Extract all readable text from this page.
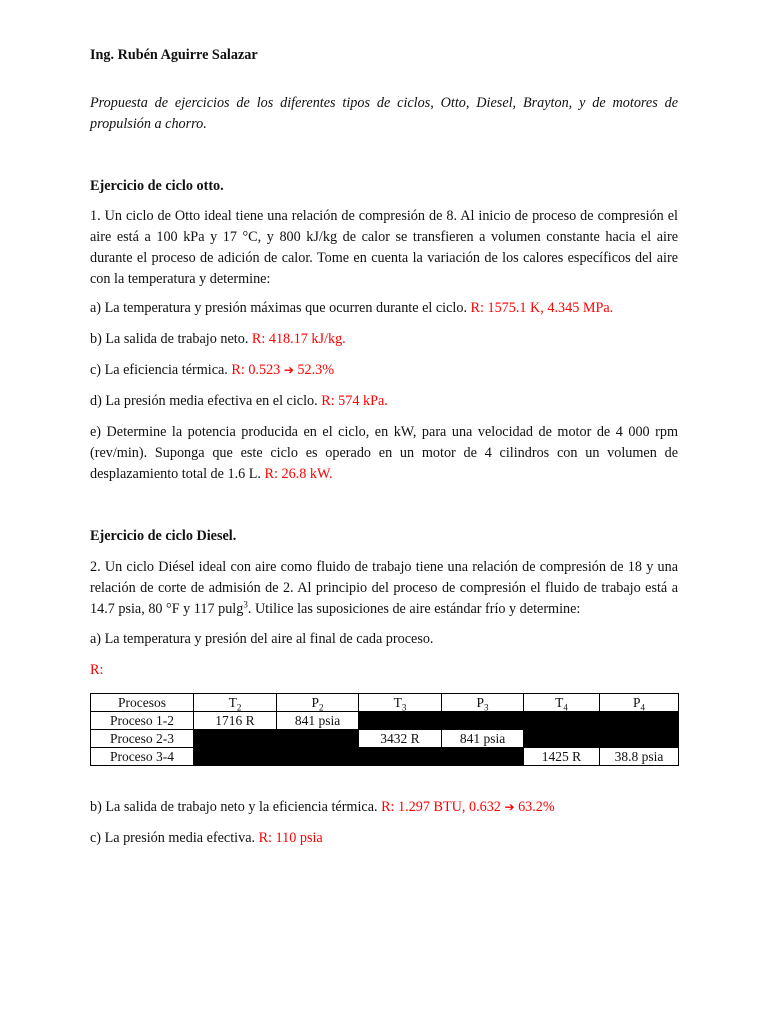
Ing. Rubén Aguirre Salazar

Propuesta de ejercicios de los diferentes tipos de ciclos, Otto, Diesel, Brayton, y de motores de propulsión a chorro.

Ejercicio de ciclo otto.

1. Un ciclo de Otto ideal tiene una relación de compresión de 8. Al inicio de proceso de compresión el aire está a 100 kPa y 17 °C, y 800 kJ/kg de calor se transfieren a volumen constante hacia el aire durante el proceso de adición de calor. Tome en cuenta la variación de los calores específicos del aire con la temperatura y determine:

a) La temperatura y presión máximas que ocurren durante el ciclo. R: 1575.1 K, 4.345 MPa.

b) La salida de trabajo neto. R: 418.17 kJ/kg.

c) La eficiencia térmica. R: 0.523 ➔ 52.3%

d) La presión media efectiva en el ciclo. R: 574 kPa.

e) Determine la potencia producida en el ciclo, en kW, para una velocidad de motor de 4 000 rpm (rev/min). Suponga que este ciclo es operado en un motor de 4 cilindros con un volumen de desplazamiento total de 1.6 L. R: 26.8 kW.

Ejercicio de ciclo Diesel.

2. Un ciclo Diésel ideal con aire como fluido de trabajo tiene una relación de compresión de 18 y una relación de corte de admisión de 2. Al principio del proceso de compresión el fluido de trabajo está a 14.7 psia, 80 °F y 117 pulg$^3$. Utilice las suposiciones de aire estándar frío y determine:

a) La temperatura y presión del aire al final de cada proceso.

R:

Procesos	$T_2$	$P_2$	$T_3$	$P_3$	$T_4$	$P_4$
Proceso 1-2	1716 R	841 psia				
Proceso 2-3			3432 R	841 psia		
Proceso 3-4					1425 R	38.8 psia

b) La salida de trabajo neto y la eficiencia térmica. R: 1.297 BTU, 0.632 ➔ 63.2%

c) La presión media efectiva. R: 110 psia
